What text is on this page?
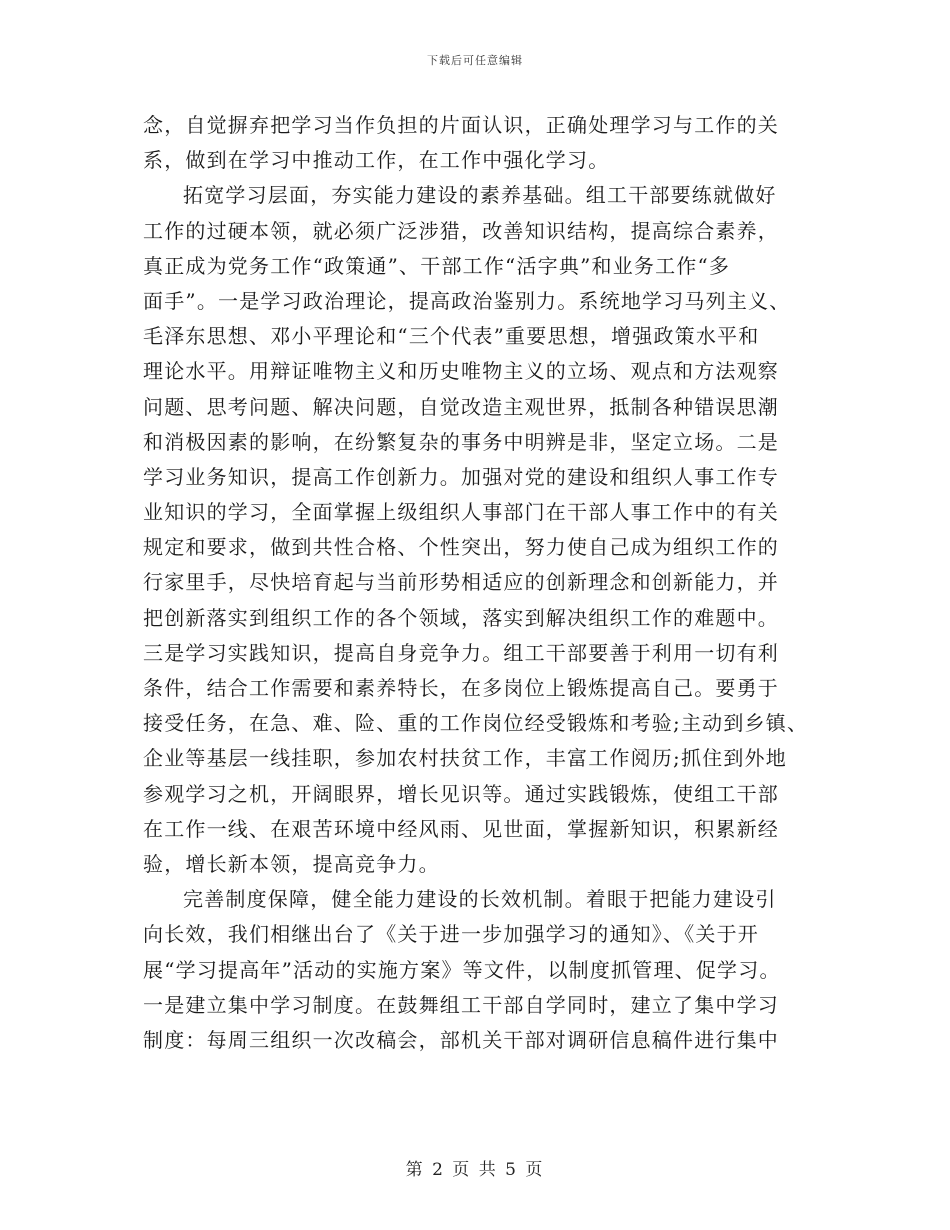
下载后可任意编辑
念，自觉摒弃把学习当作负担的片面认识，正确处理学习与工作的关
系，做到在学习中推动工作，在工作中强化学习。
拓宽学习层面，夯实能力建设的素养基础。组工干部要练就做好
工作的过硬本领，就必须广泛涉猎，改善知识结构，提高综合素养，
真正成为党务工作“政策通”、干部工作“活字典”和业务工作“多
面手”。一是学习政治理论，提高政治鉴别力。系统地学习马列主义、
毛泽东思想、邓小平理论和“三个代表”重要思想，增强政策水平和
理论水平。用辩证唯物主义和历史唯物主义的立场、观点和方法观察
问题、思考问题、解决问题，自觉改造主观世界，抵制各种错误思潮
和消极因素的影响，在纷繁复杂的事务中明辨是非，坚定立场。二是
学习业务知识，提高工作创新力。加强对党的建设和组织人事工作专
业知识的学习，全面掌握上级组织人事部门在干部人事工作中的有关
规定和要求，做到共性合格、个性突出，努力使自己成为组织工作的
行家里手，尽快培育起与当前形势相适应的创新理念和创新能力，并
把创新落实到组织工作的各个领域，落实到解决组织工作的难题中。
三是学习实践知识，提高自身竞争力。组工干部要善于利用一切有利
条件，结合工作需要和素养特长，在多岗位上锻炼提高自己。要勇于
接受任务，在急、难、险、重的工作岗位经受锻炼和考验;主动到乡镇、
企业等基层一线挂职，参加农村扶贫工作，丰富工作阅历;抓住到外地
参观学习之机，开阔眼界，增长见识等。通过实践锻炼，使组工干部
在工作一线、在艰苦环境中经风雨、见世面，掌握新知识，积累新经
验，增长新本领，提高竞争力。
完善制度保障，健全能力建设的长效机制。着眼于把能力建设引
向长效，我们相继出台了《关于进一步加强学习的通知》、《关于开
展“学习提高年”活动的实施方案》等文件，以制度抓管理、促学习。
一是建立集中学习制度。在鼓舞组工干部自学同时，建立了集中学习
制度：每周三组织一次改稿会，部机关干部对调研信息稿件进行集中
第 2 页 共 5 页
